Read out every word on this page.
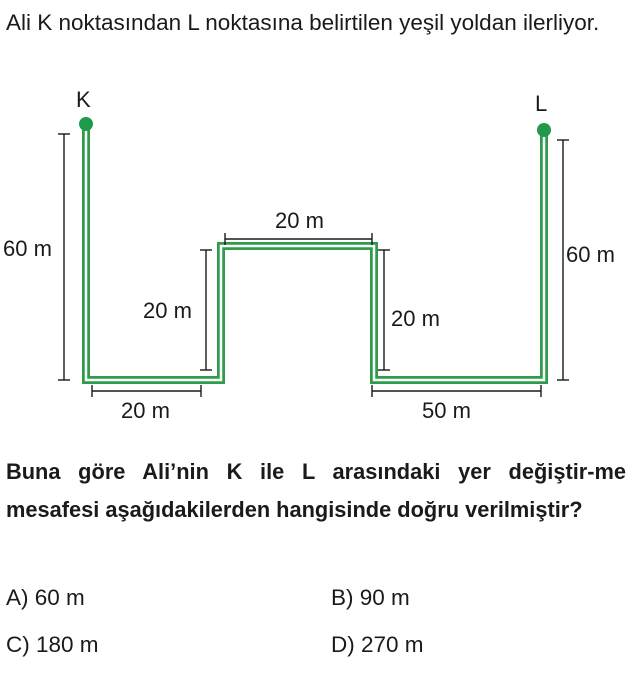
Ali K noktasından L noktasına belirtilen yeşil yoldan ilerliyor.

K	L
60 m	60 m
20 m	20 m
20 m
20 m	50 m

Buna göre Ali’nin K ile L arasındaki yer değiştir-me mesafesi aşağıdakilerden hangisinde doğru verilmiştir?

A) 60 m	B) 90 m
C) 180 m	D) 270 m
